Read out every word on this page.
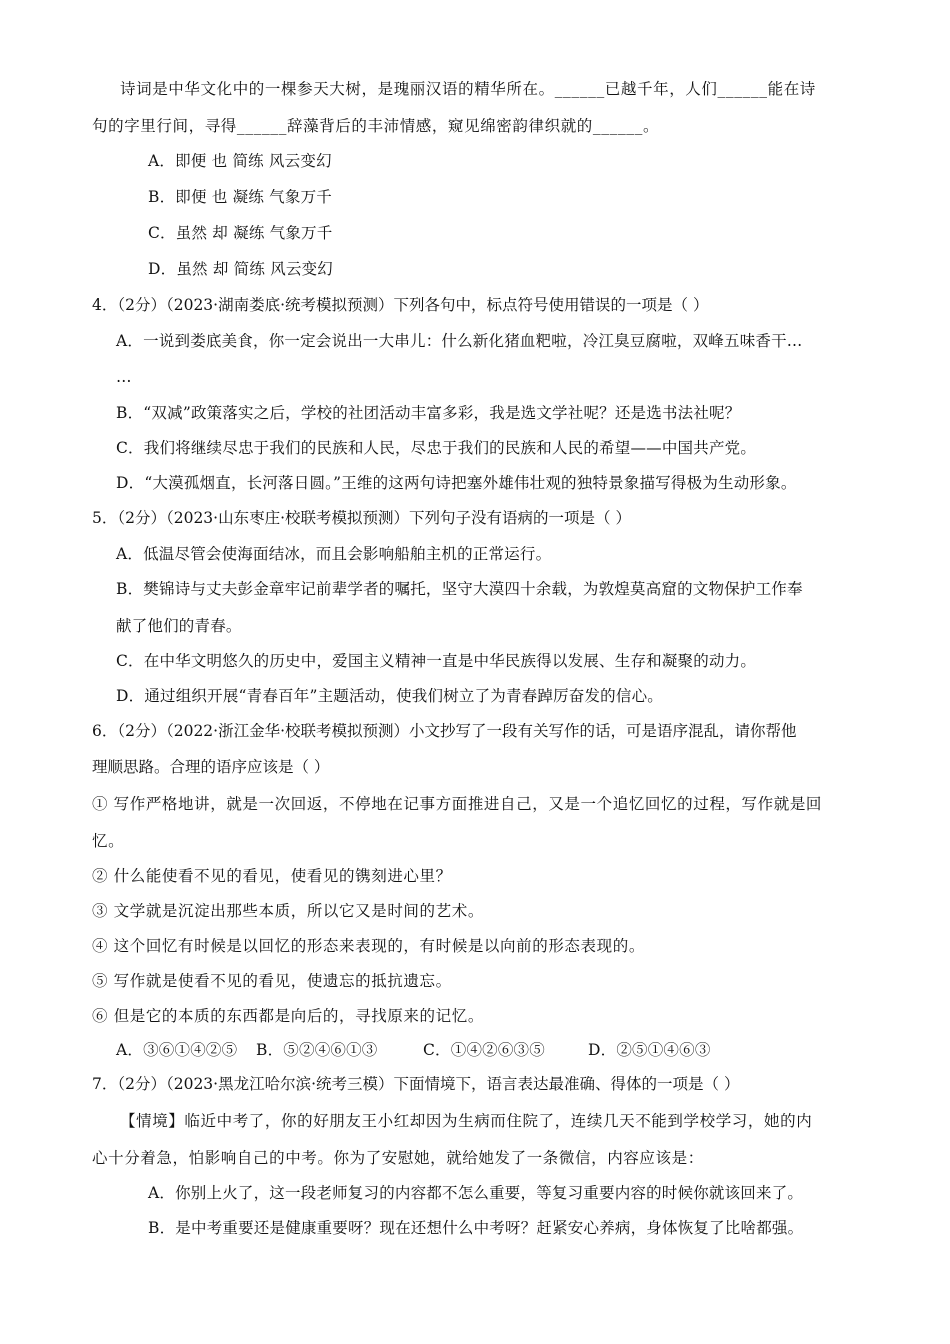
诗词是中华文化中的一棵参天大树，是瑰丽汉语的精华所在。______已越千年，人们______能在诗
句的字里行间，寻得______辞藻背后的丰沛情感，窥见绵密韵律织就的______。
A．即便 也 简练 风云变幻
B．即便 也 凝练 气象万千
C．虽然 却 凝练 气象万千
D．虽然 却 简练 风云变幻
4．（2分）（2023·湖南娄底·统考模拟预测）下列各句中，标点符号使用错误的一项是（ ）
A．一说到娄底美食，你一定会说出一大串儿：什么新化猪血粑啦，冷江臭豆腐啦，双峰五味香干…
…
B．“双减”政策落实之后，学校的社团活动丰富多彩，我是选文学社呢？还是选书法社呢？
C．我们将继续尽忠于我们的民族和人民，尽忠于我们的民族和人民的希望——中国共产党。
D．“大漠孤烟直，长河落日圆。”王维的这两句诗把塞外雄伟壮观的独特景象描写得极为生动形象。
5．（2分）（2023·山东枣庄·校联考模拟预测）下列句子没有语病的一项是（ ）
A．低温尽管会使海面结冰，而且会影响船舶主机的正常运行。
B．樊锦诗与丈夫彭金章牢记前辈学者的嘱托，坚守大漠四十余载，为敦煌莫高窟的文物保护工作奉
献了他们的青春。
C．在中华文明悠久的历史中，爱国主义精神一直是中华民族得以发展、生存和凝聚的动力。
D．通过组织开展“青春百年”主题活动，使我们树立了为青春踔厉奋发的信心。
6．（2分）（2022·浙江金华·校联考模拟预测）小文抄写了一段有关写作的话，可是语序混乱，请你帮他
理顺思路。合理的语序应该是（ ）
① 写作严格地讲，就是一次回返，不停地在记事方面推进自己，又是一个追忆回忆的过程，写作就是回
忆。
② 什么能使看不见的看见，使看见的镌刻进心里？
③ 文学就是沉淀出那些本质，所以它又是时间的艺术。
④ 这个回忆有时候是以回忆的形态来表现的，有时候是以向前的形态表现的。
⑤ 写作就是使看不见的看见，使遗忘的抵抗遗忘。
⑥ 但是它的本质的东西都是向后的，寻找原来的记忆。
A．③⑥①④②⑤ B．⑤②④⑥①③	C．①④②⑥③⑤	D．②⑤①④⑥③
7．（2分）（2023·黑龙江哈尔滨·统考三模）下面情境下，语言表达最准确、得体的一项是（ ）
【情境】临近中考了，你的好朋友王小红却因为生病而住院了，连续几天不能到学校学习，她的内
心十分着急，怕影响自己的中考。你为了安慰她，就给她发了一条微信，内容应该是：
A．你别上火了，这一段老师复习的内容都不怎么重要，等复习重要内容的时候你就该回来了。
B．是中考重要还是健康重要呀？现在还想什么中考呀？赶紧安心养病，身体恢复了比啥都强。
